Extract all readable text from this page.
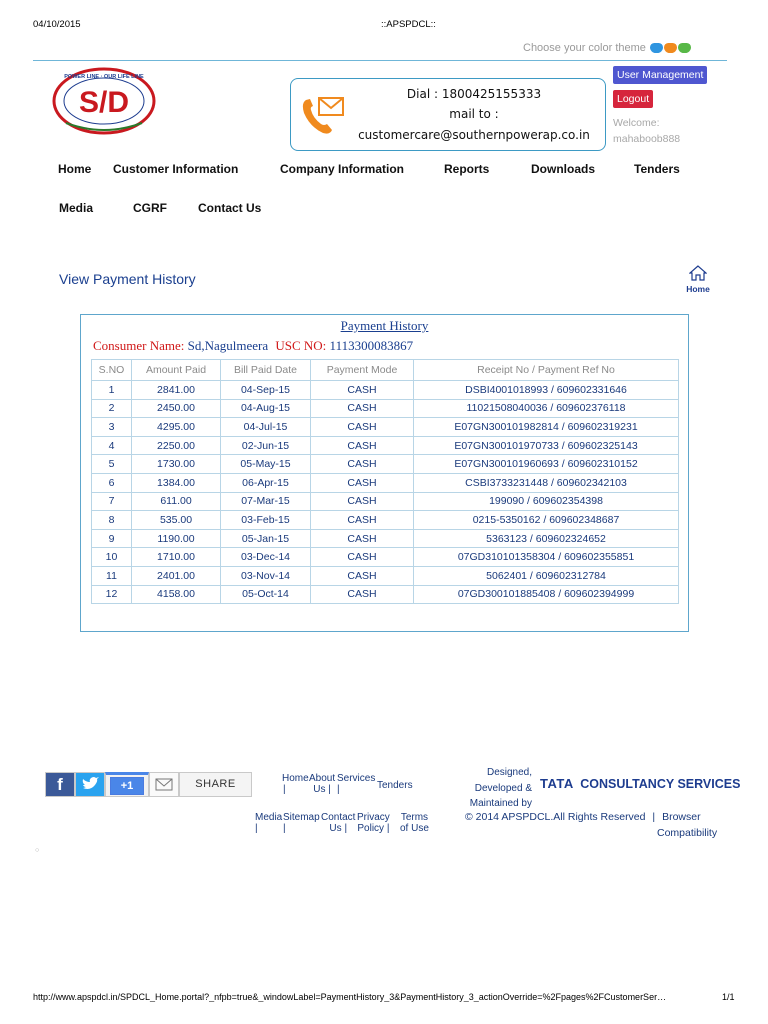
04/10/2015	::APSPDCL::
Choose your color theme
S/D
POWER LINE · OUR LIFE LINE
Dial : 1800425155333
mail to :
customercare@southernpowerap.co.in
User Management
Logout
Welcome:
mahaboob888
Home Customer Information	Company Information	Reports	Downloads	Tenders
Media	CGRF	Contact Us
View Payment History
Home
Payment History
Consumer Name: Sd,Nagulmeera USC NO: 1113300083867
S.NO	Amount Paid	Bill Paid Date	Payment Mode	Receipt No / Payment Ref No
1	2841.00	04-Sep-15	CASH	DSBI4001018993 / 609602331646
2	2450.00	04-Aug-15	CASH	11021508040036 / 609602376118
3	4295.00	04-Jul-15	CASH	E07GN300101982814 / 609602319231
4	2250.00	02-Jun-15	CASH	E07GN300101970733 / 609602325143
5	1730.00	05-May-15	CASH	E07GN300101960693 / 609602310152
6	1384.00	06-Apr-15	CASH	CSBI3733231448 / 609602342103
7	611.00	07-Mar-15	CASH	199090 / 609602354398
8	535.00	03-Feb-15	CASH	0215-5350162 / 609602348687
9	1190.00	05-Jan-15	CASH	5363123 / 609602324652
10	1710.00	03-Dec-14	CASH	07GD310101358304 / 609602355851
11	2401.00	03-Nov-14	CASH	5062401 / 609602312784
12	4158.00	05-Oct-14	CASH	07GD300101885408 / 609602394999
f	+1	SHARE	Home
|
About
Us |
Services
|	Tenders
Media
|
Sitemap
|
Contact
Us |
Privacy
Policy |
Terms
of Use
Designed,
Developed &
Maintained by
TATA CONSULTANCY SERVICES
© 2014 APSPDCL.All Rights Reserved | Browser
Compatibility
○
http://www.apspdcl.in/SPDCL_Home.portal?_nfpb=true&_windowLabel=PaymentHistory_3&PaymentHistory_3_actionOverride=%2Fpages%2FCustomerSer…	1/1
